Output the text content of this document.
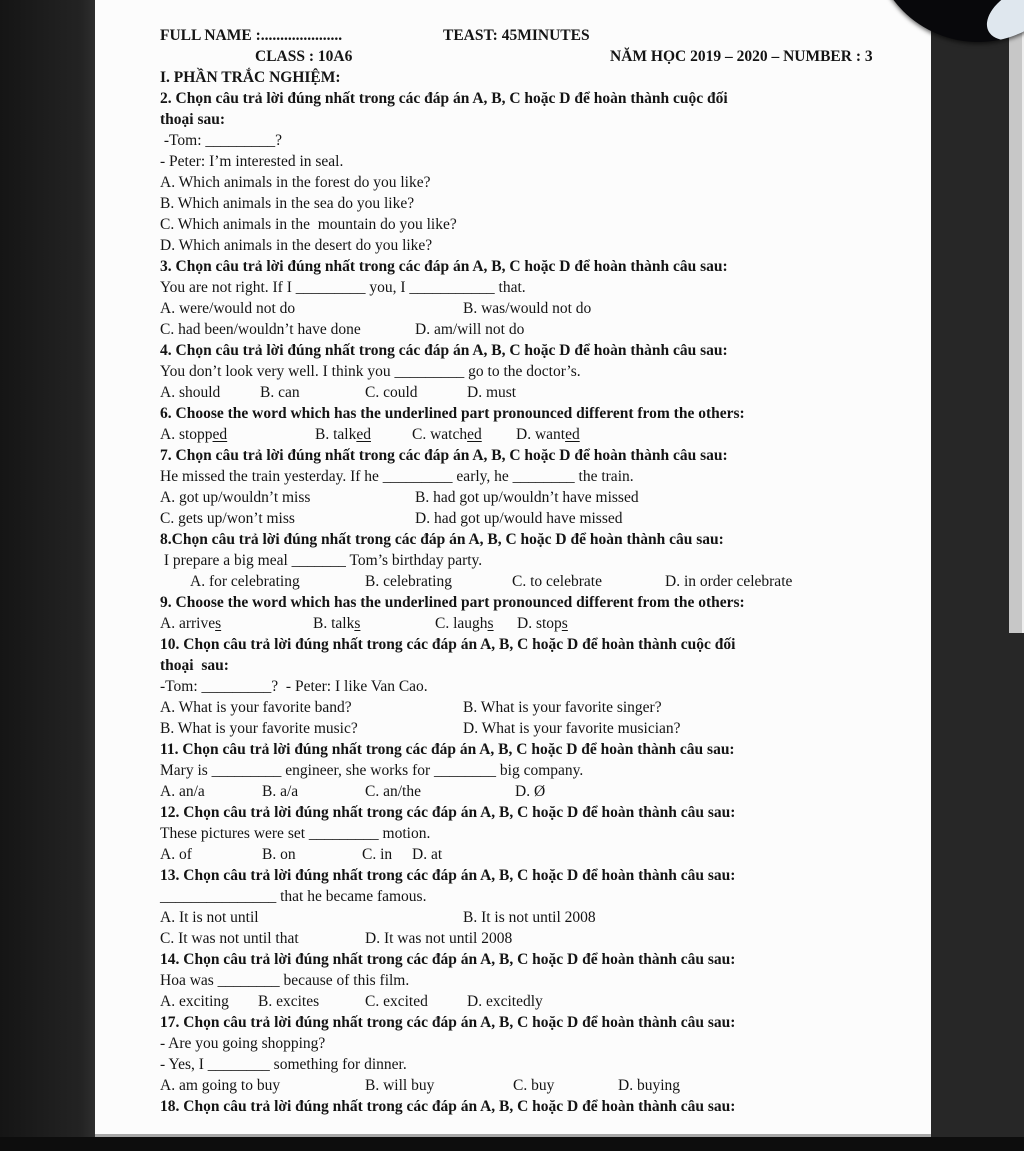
FULL NAME :.....................	TEAST: 45MINUTES
CLASS : 10A6	NĂM HỌC 2019 – 2020 – NUMBER : 3
I. PHẦN TRẮC NGHIỆM:
2. Chọn câu trả lời đúng nhất trong các đáp án A, B, C hoặc D để hoàn thành cuộc đối
thoại sau:
-Tom: _________?
- Peter: I’m interested in seal.
A. Which animals in the forest do you like?
B. Which animals in the sea do you like?
C. Which animals in the  mountain do you like?
D. Which animals in the desert do you like?
3. Chọn câu trả lời đúng nhất trong các đáp án A, B, C hoặc D để hoàn thành câu sau:
You are not right. If I _________ you, I ___________ that.
A. were/would not do	B. was/would not do
C. had been/wouldn’t have done	D. am/will not do
4. Chọn câu trả lời đúng nhất trong các đáp án A, B, C hoặc D để hoàn thành câu sau:
You don’t look very well. I think you _________ go to the doctor’s.
A. should	B. can	C. could	D. must
6. Choose the word which has the underlined part pronounced different from the others:
A. stopped	B. talked	C. watched D. wanted
7. Chọn câu trả lời đúng nhất trong các đáp án A, B, C hoặc D để hoàn thành câu sau:
He missed the train yesterday. If he _________ early, he ________ the train.
A. got up/wouldn’t miss	B. had got up/wouldn’t have missed
C. gets up/won’t miss	D. had got up/would have missed
8.Chọn câu trả lời đúng nhất trong các đáp án A, B, C hoặc D để hoàn thành câu sau:
I prepare a big meal _______ Tom’s birthday party.
A. for celebrating	B. celebrating	C. to celebrate	D. in order celebrate
9. Choose the word which has the underlined part pronounced different from the others:
A. arrives	B. talks	C. laughs D. stops
10. Chọn câu trả lời đúng nhất trong các đáp án A, B, C hoặc D để hoàn thành cuộc đối
thoại  sau:
-Tom: _________?  - Peter: I like Van Cao.
A. What is your favorite band?	B. What is your favorite singer?
B. What is your favorite music?	D. What is your favorite musician?
11. Chọn câu trả lời đúng nhất trong các đáp án A, B, C hoặc D để hoàn thành câu sau:
Mary is _________ engineer, she works for ________ big company.
A. an/a	B. a/a	C. an/the	D. Ø
12. Chọn câu trả lời đúng nhất trong các đáp án A, B, C hoặc D để hoàn thành câu sau:
These pictures were set _________ motion.
A. of	B. on	C. in D. at
13. Chọn câu trả lời đúng nhất trong các đáp án A, B, C hoặc D để hoàn thành câu sau:
_______________ that he became famous.
A. It is not until	B. It is not until 2008
C. It was not until that	D. It was not until 2008
14. Chọn câu trả lời đúng nhất trong các đáp án A, B, C hoặc D để hoàn thành câu sau:
Hoa was ________ because of this film.
A. exciting B. excites	C. excited	D. excitedly
17. Chọn câu trả lời đúng nhất trong các đáp án A, B, C hoặc D để hoàn thành câu sau:
- Are you going shopping?
- Yes, I ________ something for dinner.
A. am going to buy	B. will buy	C. buy	D. buying
18. Chọn câu trả lời đúng nhất trong các đáp án A, B, C hoặc D để hoàn thành câu sau:
